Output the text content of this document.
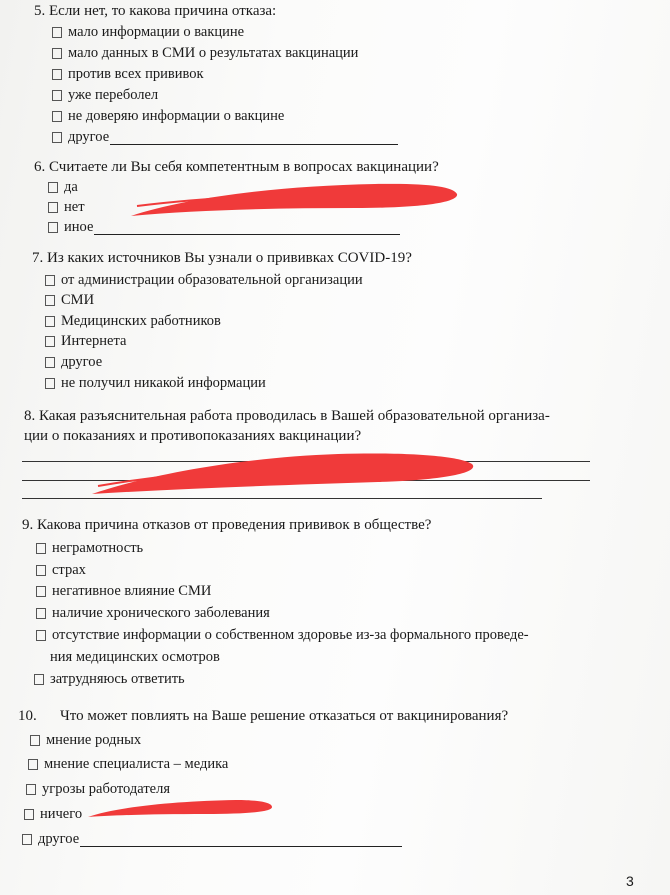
5. Если нет, то какова причина отказа:
мало информации о вакцине
мало данных в СМИ о результатах вакцинации
против всех прививок
уже переболел
не доверяю информации о вакцине
другое
6. Считаете ли Вы себя компетентным в вопросах вакцинации?
да
нет
иное
7. Из каких источников Вы узнали о прививках COVID-19?
от администрации образовательной организации
СМИ
Медицинских работников
Интернета
другое
не получил никакой информации
8. Какая разъяснительная работа проводилась в Вашей образовательной организа-
ции о показаниях и противопоказаниях вакцинации?
9. Какова причина отказов от проведения прививок в обществе?
неграмотность
страх
негативное влияние СМИ
наличие хронического заболевания
отсутствие информации о собственном здоровье из-за формального проведе-
ния медицинских осмотров
затрудняюсь ответить
10. Что может повлиять на Ваше решение отказаться от вакцинирования?
мнение родных
мнение специалиста – медика
угрозы работодателя
ничего
другое
3
